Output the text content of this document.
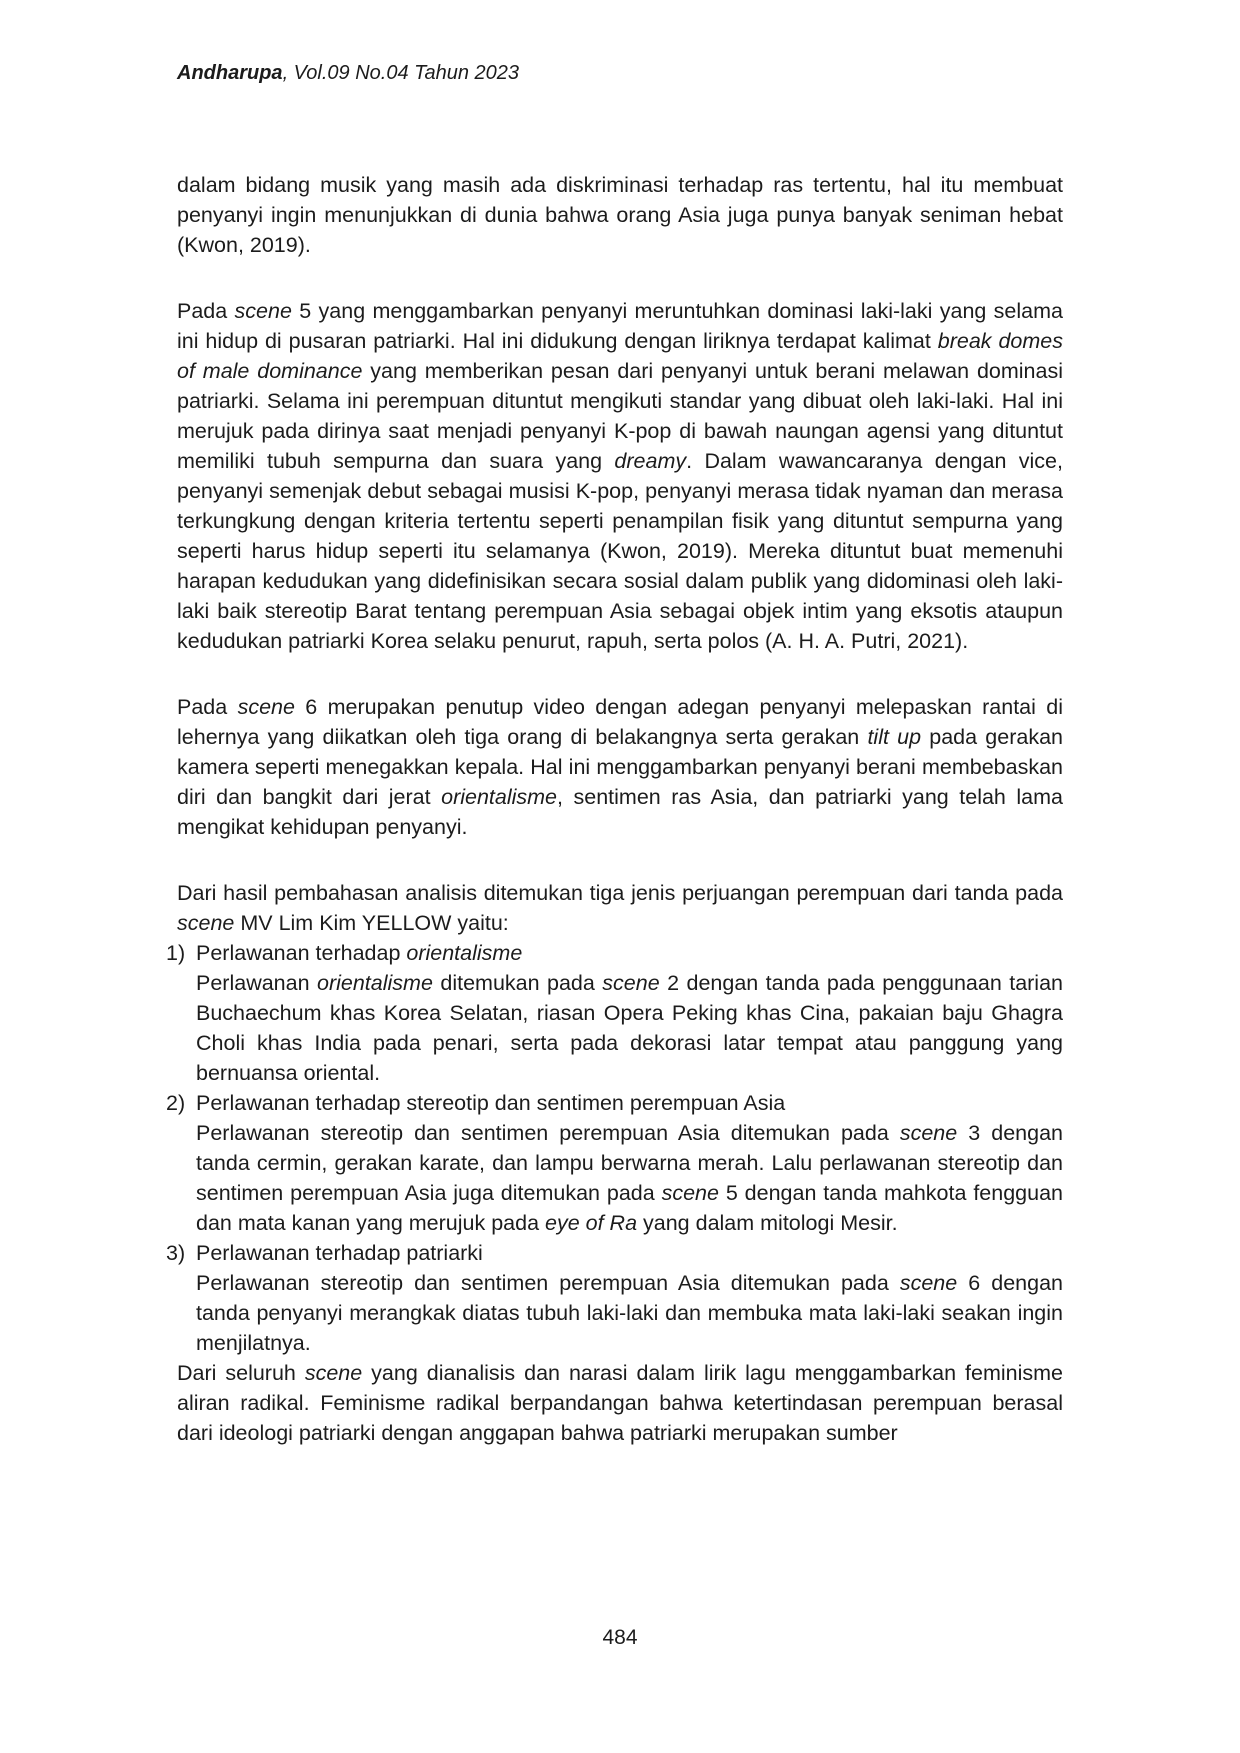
Andharupa, Vol.09 No.04 Tahun 2023

dalam bidang musik yang masih ada diskriminasi terhadap ras tertentu, hal itu membuat penyanyi ingin menunjukkan di dunia bahwa orang Asia juga punya banyak seniman hebat (Kwon, 2019).

Pada scene 5 yang menggambarkan penyanyi meruntuhkan dominasi laki-laki yang selama ini hidup di pusaran patriarki. Hal ini didukung dengan liriknya terdapat kalimat break domes of male dominance yang memberikan pesan dari penyanyi untuk berani melawan dominasi patriarki. Selama ini perempuan dituntut mengikuti standar yang dibuat oleh laki-laki. Hal ini merujuk pada dirinya saat menjadi penyanyi K-pop di bawah naungan agensi yang dituntut memiliki tubuh sempurna dan suara yang dreamy. Dalam wawancaranya dengan vice, penyanyi semenjak debut sebagai musisi K-pop, penyanyi merasa tidak nyaman dan merasa terkungkung dengan kriteria tertentu seperti penampilan fisik yang dituntut sempurna yang seperti harus hidup seperti itu selamanya (Kwon, 2019). Mereka dituntut buat memenuhi harapan kedudukan yang didefinisikan secara sosial dalam publik yang didominasi oleh laki-laki baik stereotip Barat tentang perempuan Asia sebagai objek intim yang eksotis ataupun kedudukan patriarki Korea selaku penurut, rapuh, serta polos (A. H. A. Putri, 2021).

Pada scene 6 merupakan penutup video dengan adegan penyanyi melepaskan rantai di lehernya yang diikatkan oleh tiga orang di belakangnya serta gerakan tilt up pada gerakan kamera seperti menegakkan kepala. Hal ini menggambarkan penyanyi berani membebaskan diri dan bangkit dari jerat orientalisme, sentimen ras Asia, dan patriarki yang telah lama mengikat kehidupan penyanyi.

Dari hasil pembahasan analisis ditemukan tiga jenis perjuangan perempuan dari tanda pada scene MV Lim Kim YELLOW yaitu:

1) Perlawanan terhadap orientalisme

Perlawanan orientalisme ditemukan pada scene 2 dengan tanda pada penggunaan tarian Buchaechum khas Korea Selatan, riasan Opera Peking khas Cina, pakaian baju Ghagra Choli khas India pada penari, serta pada dekorasi latar tempat atau panggung yang bernuansa oriental.

2) Perlawanan terhadap stereotip dan sentimen perempuan Asia

Perlawanan stereotip dan sentimen perempuan Asia ditemukan pada scene 3 dengan tanda cermin, gerakan karate, dan lampu berwarna merah. Lalu perlawanan stereotip dan sentimen perempuan Asia juga ditemukan pada scene 5 dengan tanda mahkota fengguan dan mata kanan yang merujuk pada eye of Ra yang dalam mitologi Mesir.

3) Perlawanan terhadap patriarki

Perlawanan stereotip dan sentimen perempuan Asia ditemukan pada scene 6 dengan tanda penyanyi merangkak diatas tubuh laki-laki dan membuka mata laki-laki seakan ingin menjilatnya.

Dari seluruh scene yang dianalisis dan narasi dalam lirik lagu menggambarkan feminisme aliran radikal. Feminisme radikal berpandangan bahwa ketertindasan perempuan berasal dari ideologi patriarki dengan anggapan bahwa patriarki merupakan sumber

484
